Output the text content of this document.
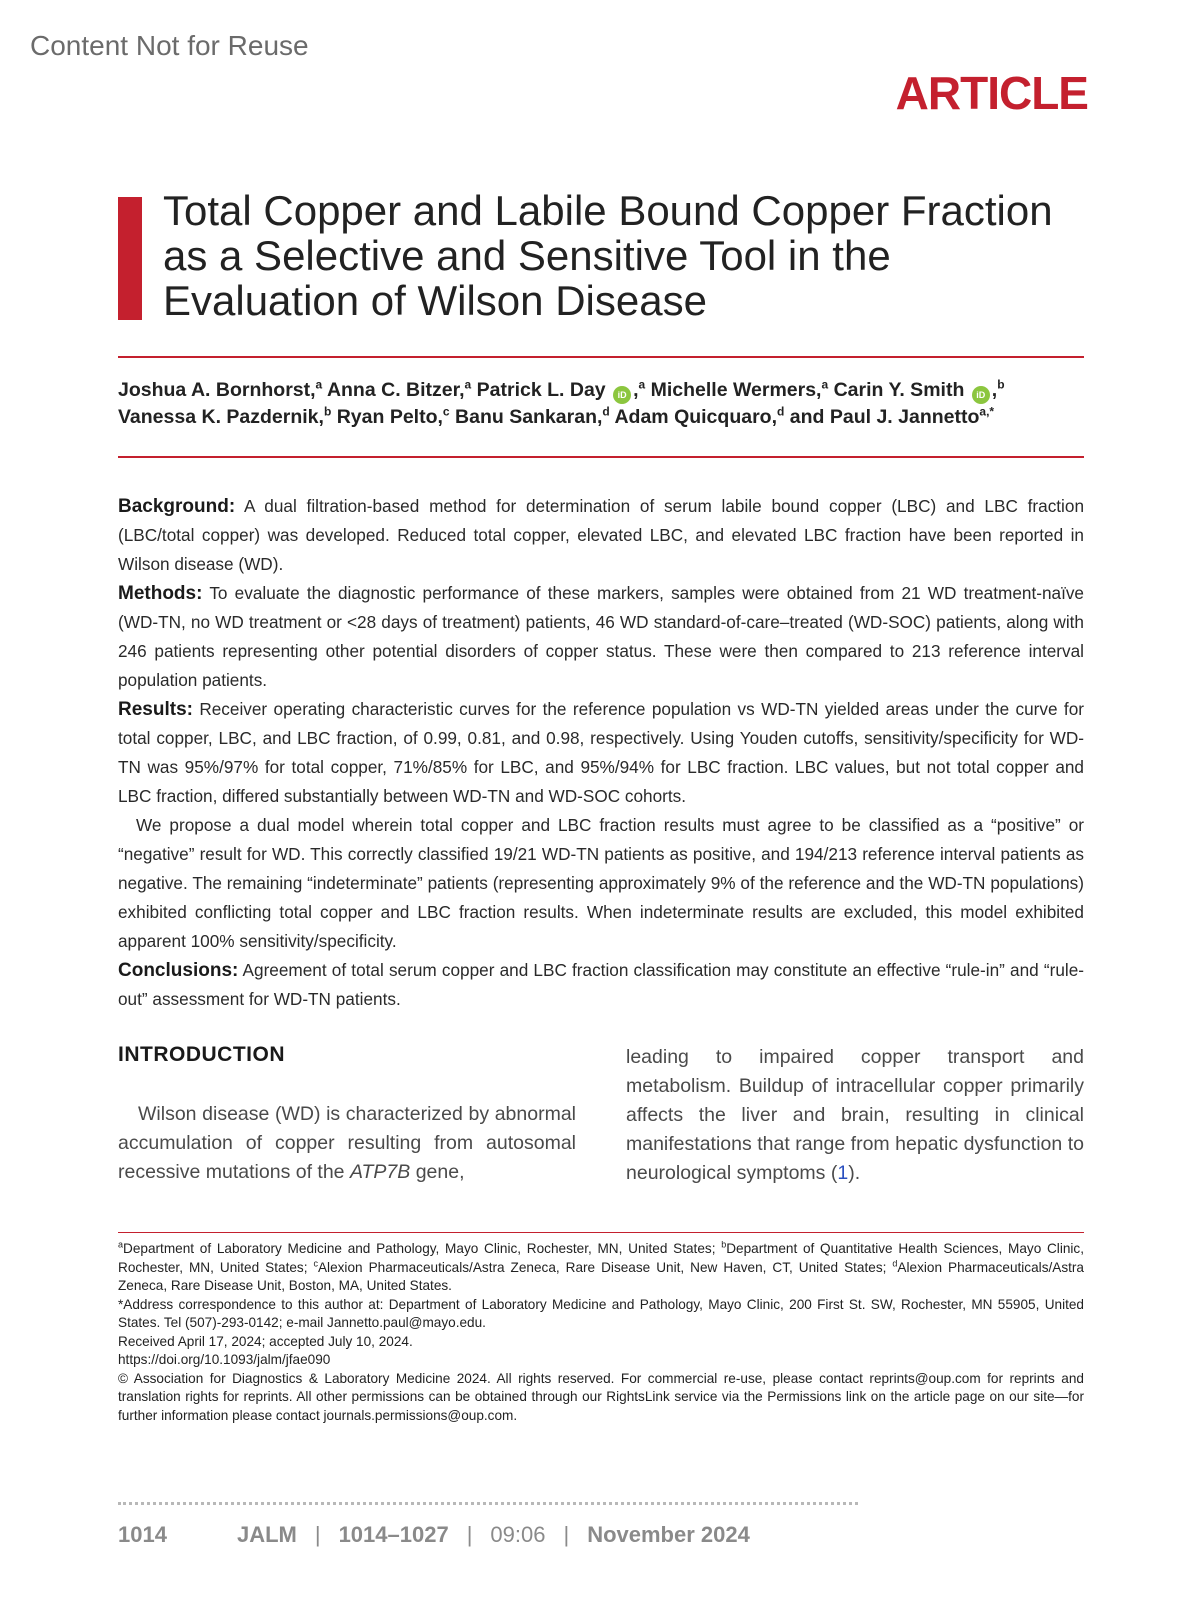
Content Not for Reuse
ARTICLE
Total Copper and Labile Bound Copper Fraction as a Selective and Sensitive Tool in the Evaluation of Wilson Disease
Joshua A. Bornhorst,$^a$ Anna C. Bitzer,$^a$ Patrick L. Day iD ,$^a$ Michelle Wermers,$^a$ Carin Y. Smith iD ,$^b$
Vanessa K. Pazdernik,$^b$ Ryan Pelto,$^c$ Banu Sankaran,$^d$ Adam Quicquaro,$^d$ and Paul J. Jannetto$^{a,*}$

Background: A dual filtration-based method for determination of serum labile bound copper (LBC) and LBC fraction (LBC/total copper) was developed. Reduced total copper, elevated LBC, and elevated LBC fraction have been reported in Wilson disease (WD).

Methods: To evaluate the diagnostic performance of these markers, samples were obtained from 21 WD treatment-naïve (WD-TN, no WD treatment or <28 days of treatment) patients, 46 WD standard-of-care–treated (WD-SOC) patients, along with 246 patients representing other potential disorders of copper status. These were then compared to 213 reference interval population patients.

Results: Receiver operating characteristic curves for the reference population vs WD-TN yielded areas under the curve for total copper, LBC, and LBC fraction, of 0.99, 0.81, and 0.98, respectively. Using Youden cutoffs, sensitivity/specificity for WD-TN was 95%/97% for total copper, 71%/85% for LBC, and 95%/94% for LBC fraction. LBC values, but not total copper and LBC fraction, differed substantially between WD-TN and WD-SOC cohorts.

We propose a dual model wherein total copper and LBC fraction results must agree to be classified as a “positive” or “negative” result for WD. This correctly classified 19/21 WD-TN patients as positive, and 194/213 reference interval patients as negative. The remaining “indeterminate” patients (representing approximately 9% of the reference and the WD-TN populations) exhibited conflicting total copper and LBC fraction results. When indeterminate results are excluded, this model exhibited apparent 100% sensitivity/specificity.

Conclusions: Agreement of total serum copper and LBC fraction classification may constitute an effective “rule-in” and “rule-out” assessment for WD-TN patients.

INTRODUCTION

Wilson disease (WD) is characterized by abnormal accumulation of copper resulting from autosomal recessive mutations of the ATP7B gene,

leading to impaired copper transport and metabolism. Buildup of intracellular copper primarily affects the liver and brain, resulting in clinical manifestations that range from hepatic dysfunction to neurological symptoms (1).

$^a$Department of Laboratory Medicine and Pathology, Mayo Clinic, Rochester, MN, United States; $^b$Department of Quantitative Health Sciences, Mayo Clinic, Rochester, MN, United States; $^c$Alexion Pharmaceuticals/Astra Zeneca, Rare Disease Unit, New Haven, CT, United States; $^d$Alexion Pharmaceuticals/Astra Zeneca, Rare Disease Unit, Boston, MA, United States.

*Address correspondence to this author at: Department of Laboratory Medicine and Pathology, Mayo Clinic, 200 First St. SW, Rochester, MN 55905, United States. Tel (507)-293-0142; e-mail Jannetto.paul@mayo.edu.

Received April 17, 2024; accepted July 10, 2024.

https://doi.org/10.1093/jalm/jfae090

© Association for Diagnostics & Laboratory Medicine 2024. All rights reserved. For commercial re-use, please contact reprints@oup.com for reprints and translation rights for reprints. All other permissions can be obtained through our RightsLink service via the Permissions link on the article page on our site—for further information please contact journals.permissions@oup.com.

1014	JALM | 1014–1027 | 09:06 | November 2024
